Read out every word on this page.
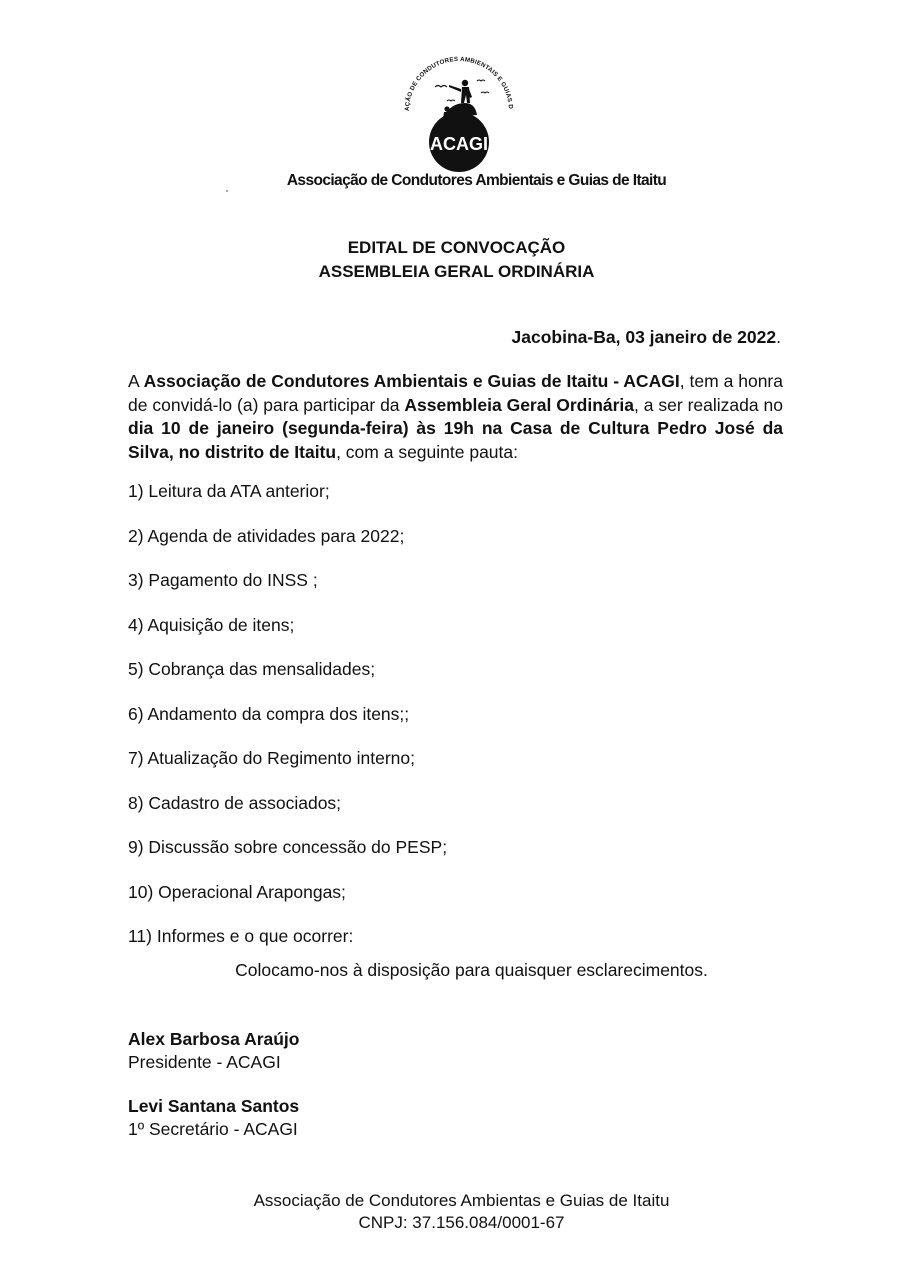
AÇÃO DE CONDUTORES AMBIENTAIS E GUIAS D
ACAGI
Associação de Condutores Ambientais e Guias de Itaitu
EDITAL DE CONVOCAÇÃO
ASSEMBLEIA GERAL ORDINÁRIA
Jacobina-Ba, 03 janeiro de 2022.
A Associação de Condutores Ambientais e Guias de Itaitu - ACAGI, tem a honra de convidá-lo (a) para participar da Assembleia Geral Ordinária, a ser realizada no dia 10 de janeiro (segunda-feira) às 19h na Casa de Cultura Pedro José da Silva, no distrito de Itaitu, com a seguinte pauta:
1) Leitura da ATA anterior;
2) Agenda de atividades para 2022;
3) Pagamento do INSS ;
4) Aquisição de itens;
5) Cobrança das mensalidades;
6) Andamento da compra dos itens;;
7) Atualização do Regimento interno;
8) Cadastro de associados;
9) Discussão sobre concessão do PESP;
10) Operacional Arapongas;
11) Informes e o que ocorrer:
Colocamo-nos à disposição para quaisquer esclarecimentos.
Alex Barbosa Araújo
Presidente - ACAGI
Levi Santana Santos
1º Secretário - ACAGI
Associação de Condutores Ambientas e Guias de Itaitu
CNPJ: 37.156.084/0001-67
